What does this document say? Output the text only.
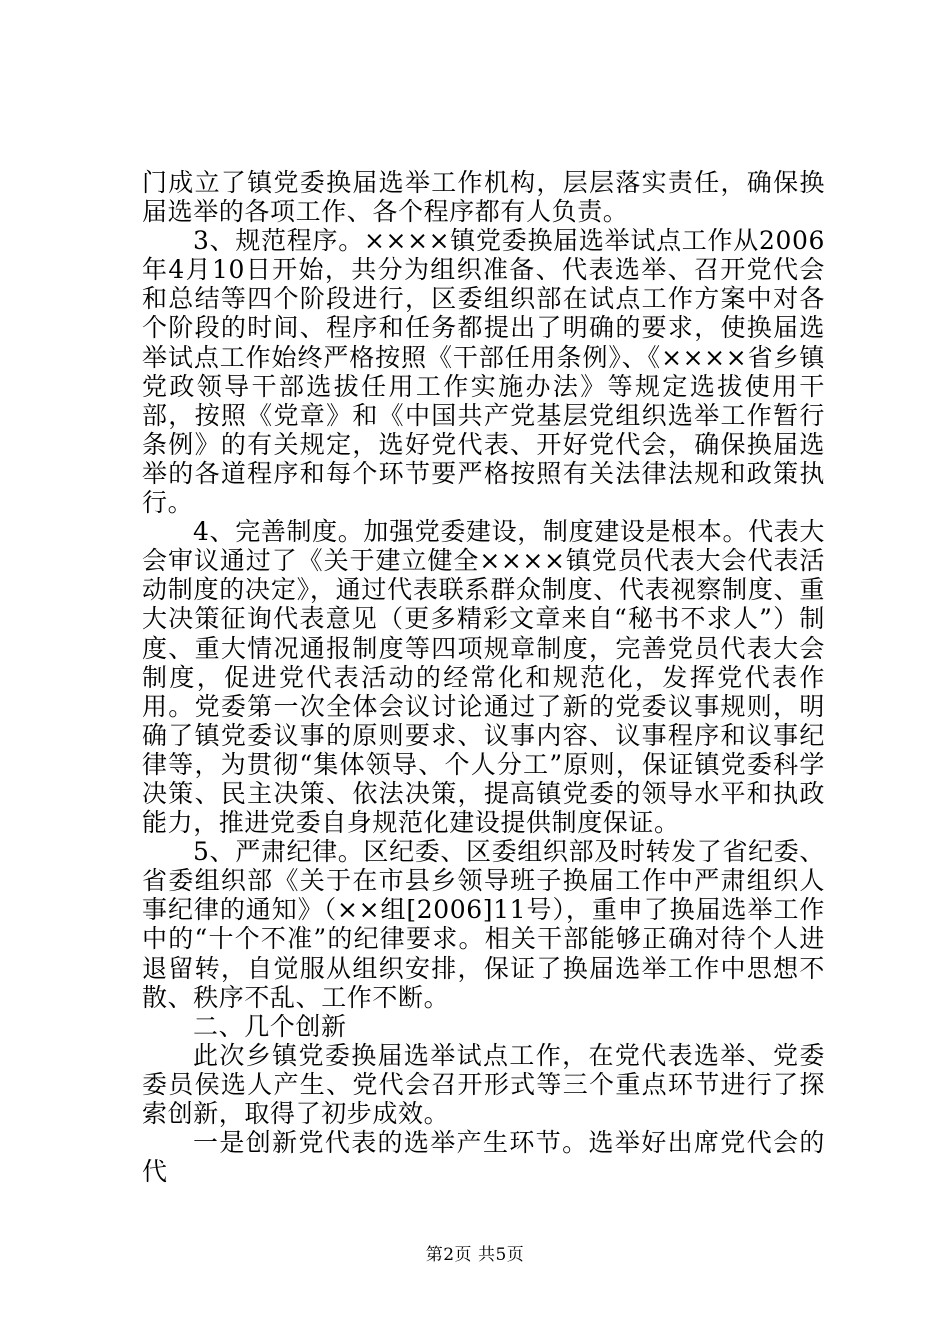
门成立了镇党委换届选举工作机构，层层落实责任，确保换届选举的各项工作、各个程序都有人负责。

3、规范程序。××××镇党委换届选举试点工作从2006年4月10日开始，共分为组织准备、代表选举、召开党代会和总结等四个阶段进行，区委组织部在试点工作方案中对各个阶段的时间、程序和任务都提出了明确的要求，使换届选举试点工作始终严格按照《干部任用条例》、《××××省乡镇党政领导干部选拔任用工作实施办法》等规定选拔使用干部，按照《党章》和《中国共产党基层党组织选举工作暂行条例》的有关规定，选好党代表、开好党代会，确保换届选举的各道程序和每个环节要严格按照有关法律法规和政策执行。

4、完善制度。加强党委建设，制度建设是根本。代表大会审议通过了《关于建立健全××××镇党员代表大会代表活动制度的决定》，通过代表联系群众制度、代表视察制度、重大决策征询代表意见（更多精彩文章来自“秘书不求人”）制度、重大情况通报制度等四项规章制度，完善党员代表大会制度，促进党代表活动的经常化和规范化，发挥党代表作用。党委第一次全体会议讨论通过了新的党委议事规则，明确了镇党委议事的原则要求、议事内容、议事程序和议事纪律等，为贯彻“集体领导、个人分工”原则，保证镇党委科学决策、民主决策、依法决策，提高镇党委的领导水平和执政能力，推进党委自身规范化建设提供制度保证。

5、严肃纪律。区纪委、区委组织部及时转发了省纪委、省委组织部《关于在市县乡领导班子换届工作中严肃组织人事纪律的通知》（××组[2006]11号），重申了换届选举工作中的“十个不准”的纪律要求。相关干部能够正确对待个人进退留转，自觉服从组织安排，保证了换届选举工作中思想不散、秩序不乱、工作不断。

二、几个创新

此次乡镇党委换届选举试点工作，在党代表选举、党委委员侯选人产生、党代会召开形式等三个重点环节进行了探索创新，取得了初步成效。

一是创新党代表的选举产生环节。选举好出席党代会的代

第2页 共5页
